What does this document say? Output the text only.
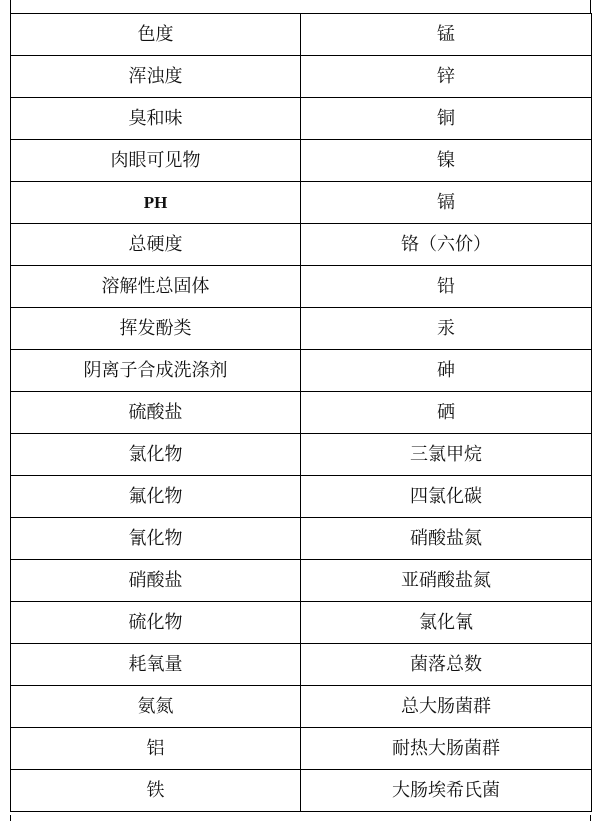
色度	锰
浑浊度	锌
臭和味	铜
肉眼可见物	镍
PH	镉
总硬度	铬（六价）
溶解性总固体	铅
挥发酚类	汞
阴离子合成洗涤剂	砷
硫酸盐	硒
氯化物	三氯甲烷
氟化物	四氯化碳
氰化物	硝酸盐氮
硝酸盐	亚硝酸盐氮
硫化物	氯化氰
耗氧量	菌落总数
氨氮	总大肠菌群
铝	耐热大肠菌群
铁	大肠埃希氏菌
